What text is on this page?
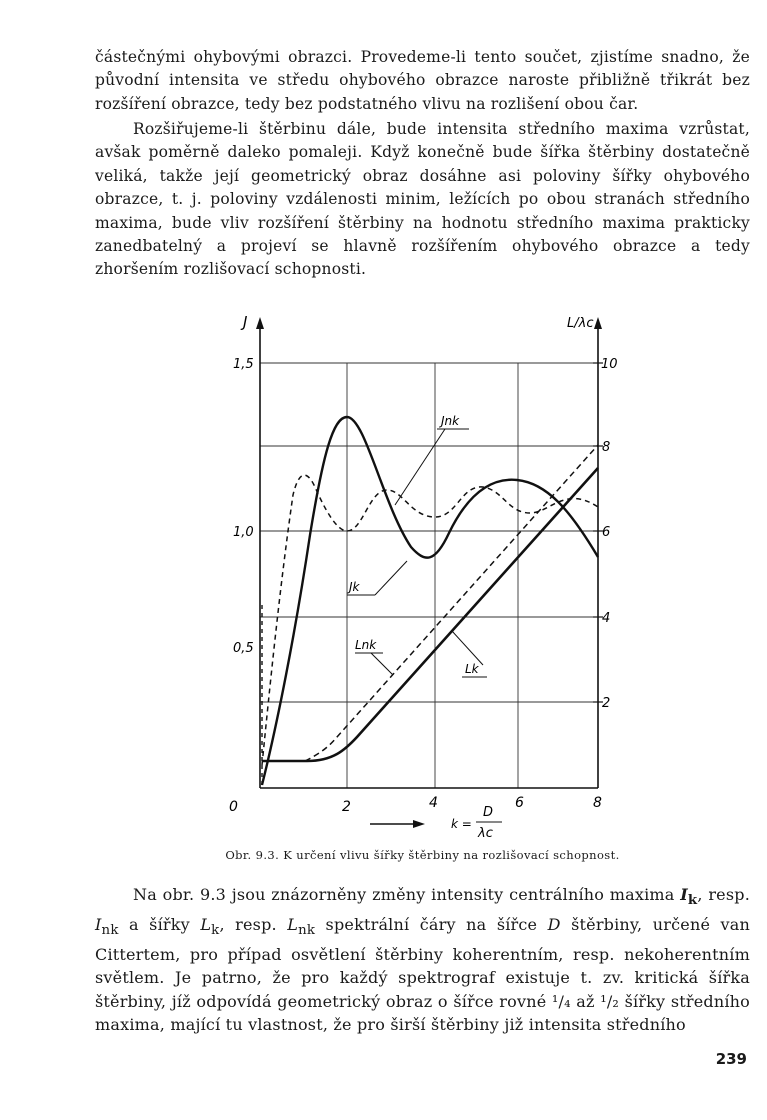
částečnými ohybovými obrazci. Provedeme-li tento součet, zjistíme snadno, že původní intensita ve středu ohybového obrazce naroste přibližně třikrát bez rozšíření obrazce, tedy bez podstatného vlivu na rozlišení obou čar.

Rozšiřujeme-li štěrbinu dále, bude intensita středního maxima vzrůstat, avšak poměrně daleko pomaleji. Když konečně bude šířka štěrbiny dostatečně veliká, takže její geometrický obraz dosáhne asi poloviny šířky ohybového obrazce, t. j. poloviny vzdálenosti minim, ležících po obou stranách středního maxima, bude vliv rozšíření štěrbiny na hodnotu středního maxima prakticky zanedbatelný a projeví se hlavně rozšířením ohybového obrazce a tedy zhoršením rozlišovací schopnosti.

Jnk
Jk
Lnk
Lk
J	L/λc
1,5
1,0
0,5
10
8
6
4
2
0	2	4	6	8
k =
D
λc

Obr. 9.3. K určení vlivu šířky štěrbiny na rozlišovací schopnost.

Na obr. 9.3 jsou znázorněny změny intensity centrálního maxima $I_k$, resp. $I_{nk}$ a šířky $L_k$, resp. $L_{nk}$ spektrální čáry na šířce D štěrbiny, určené van Cittertem, pro případ osvětlení štěrbiny koherentním, resp. nekoherentním světlem. Je patrno, že pro každý spektrograf existuje t. zv. kritická šířka štěrbiny, jíž odpovídá geometrický obraz o šířce rovné ¹/₄ až ¹/₂ šířky středního maxima, mající tu vlastnost, že pro širší štěrbiny již intensita středního

239
